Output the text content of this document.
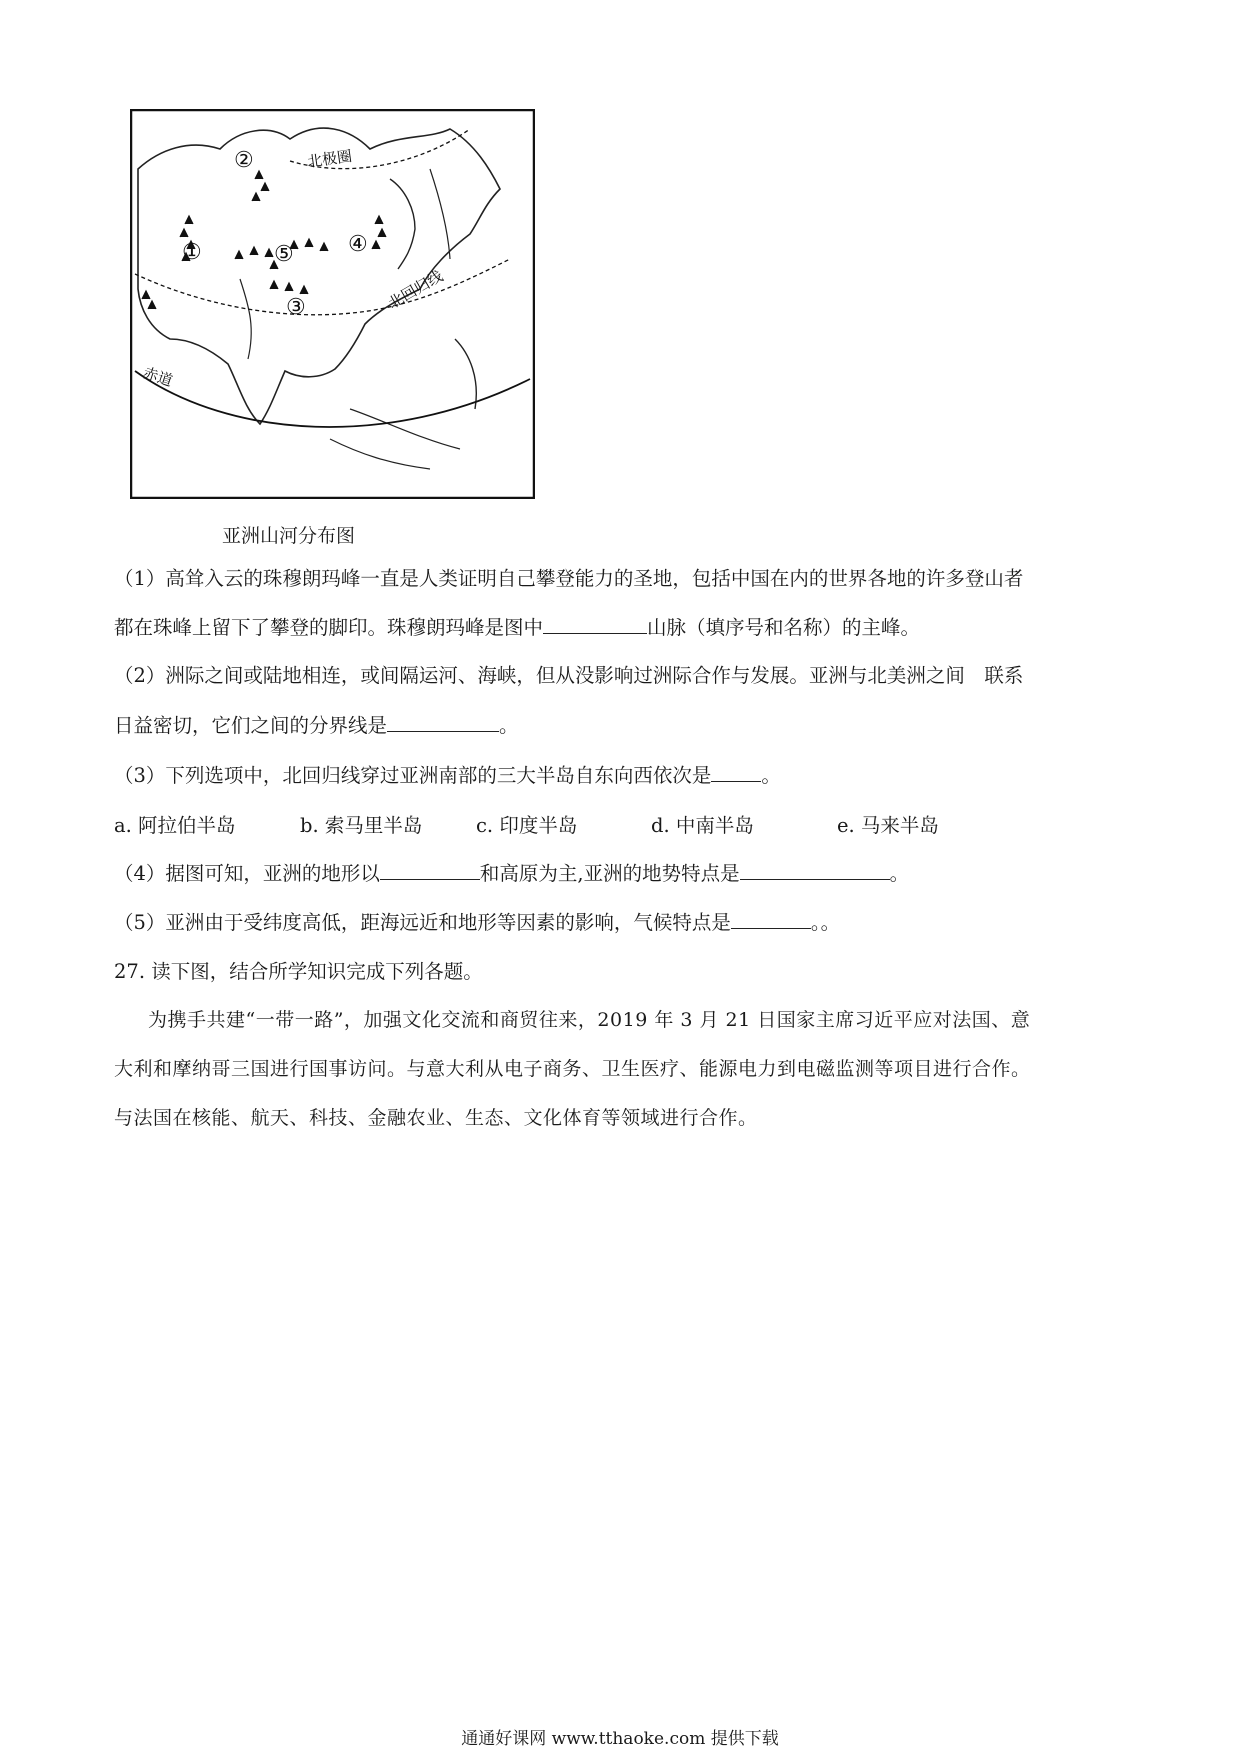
②
①	⑤ ④
③
北极圈
北回归线
赤道
亚洲山河分布图
（1）高耸入云的珠穆朗玛峰一直是人类证明自己攀登能力的圣地，包括中国在内的世界各地的许多登山者
都在珠峰上留下了攀登的脚印。珠穆朗玛峰是图中	山脉（填序号和名称）的主峰。
（2）洲际之间或陆地相连，或间隔运河、海峡，但从没影响过洲际合作与发展。亚洲与北美洲之间　联系
日益密切，它们之间的分界线是	。
（3）下列选项中，北回归线穿过亚洲南部的三大半岛自东向西依次是	。
a. 阿拉伯半岛	b. 索马里半岛	c. 印度半岛	d. 中南半岛	e. 马来半岛
（4）据图可知，亚洲的地形以	和高原为主,亚洲的地势特点是	。
（5）亚洲由于受纬度高低，距海远近和地形等因素的影响，气候特点是	。。
27. 读下图，结合所学知识完成下列各题。
为携手共建“一带一路”，加强文化交流和商贸往来，2019 年 3 月 21 日国家主席习近平应对法国、意
大利和摩纳哥三国进行国事访问。与意大利从电子商务、卫生医疗、能源电力到电磁监测等项目进行合作。
与法国在核能、航天、科技、金融农业、生态、文化体育等领域进行合作。
通通好课网 www.tthaoke.com 提供下载
